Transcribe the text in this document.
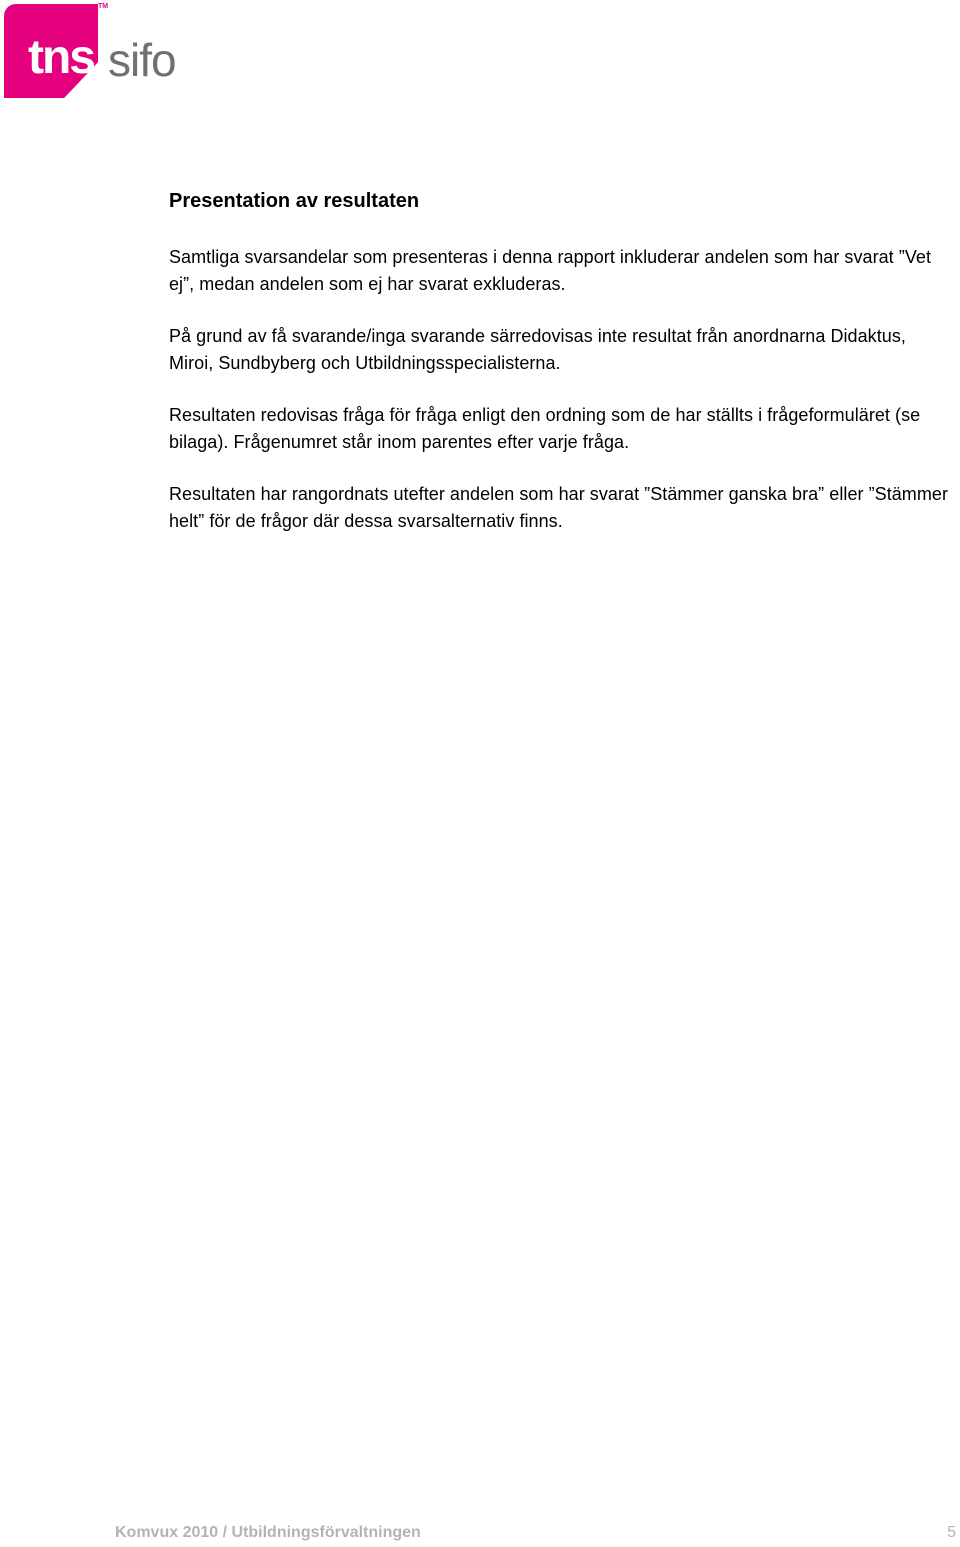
tns sifo
TM
Presentation av resultaten

Samtliga svarsandelar som presenteras i denna rapport inkluderar andelen som har svarat ”Vet ej”, medan andelen som ej har svarat exkluderas.

På grund av få svarande/inga svarande särredovisas inte resultat från anordnarna Didaktus, Miroi, Sundbyberg och Utbildningsspecialisterna.

Resultaten redovisas fråga för fråga enligt den ordning som de har ställts i frågeformuläret (se bilaga). Frågenumret står inom parentes efter varje fråga.

Resultaten har rangordnats utefter andelen som har svarat ”Stämmer ganska bra” eller ”Stämmer helt” för de frågor där dessa svarsalternativ finns.

Komvux 2010 / Utbildningsförvaltningen	5
